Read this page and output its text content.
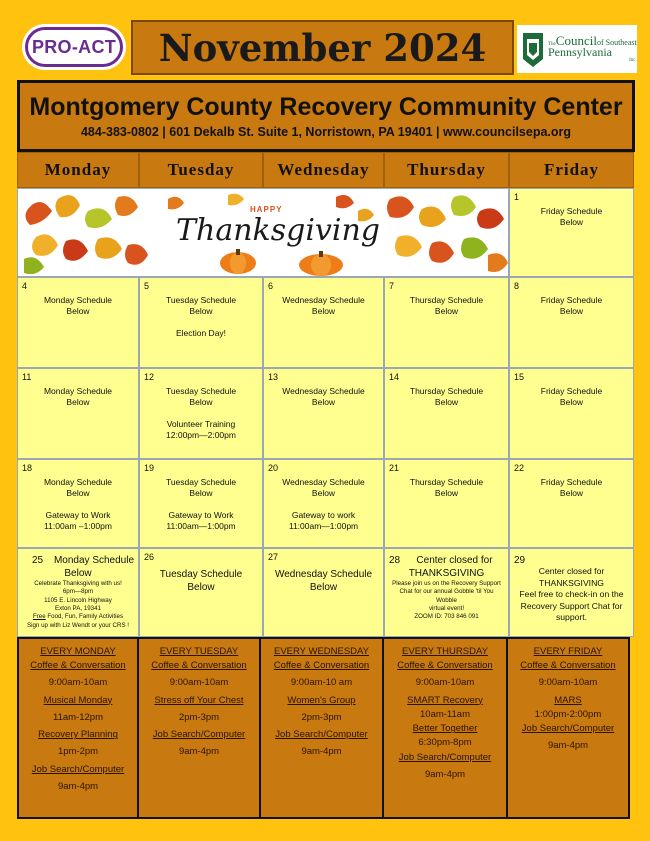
PRO-ACT November 2024	TheCouncilof Southeast
Pennsylvania
Inc.
Montgomery County Recovery Community Center
484-383-0802 | 601 Dekalb St. Suite 1, Norristown, PA 19401 | www.councilsepa.org
Monday	Tuesday	Wednesday	Thursday	Friday
HAPPY
Thanksgiving
1
Friday Schedule
Below
4
Monday Schedule
Below
5
Tuesday Schedule
Below
Election Day!
6
Wednesday Schedule
Below
7
Thursday Schedule
Below
8
Friday Schedule
Below
11
Monday Schedule
Below
12
Tuesday Schedule
Below
Volunteer Training
12:00pm—2:00pm
13
Wednesday Schedule
Below
14
Thursday Schedule
Below
15
Friday Schedule
Below
18
Monday Schedule
Below
Gateway to Work
11:00am –1:00pm
19
Tuesday Schedule
Below
Gateway to Work
11:00am—1:00pm
20
Wednesday Schedule
Below
Gateway to work
11:00am—1:00pm
21
Thursday Schedule
Below
22
Friday Schedule
Below
25 Monday Schedule
Below
Celebrate Thanksgiving with us!
6pm—8pm
1105 E. Lincoln Highway
Exton PA, 19341
Free Food, Fun, Family Activities
Sign up with Liz Wendt or your CRS !
26
Tuesday Schedule
Below
27
Wednesday Schedule
Below
28	Center closed for
THANKSGIVING
Please join us on the Recovery Support
Chat for our annual Gobble 'til You
Wobble
virtual event!
ZOOM ID: 703 846 091
29
Center closed for
THANKSGIVING
Feel free to check-in on the
Recovery Support Chat for
support.
EVERY MONDAY
Coffee & Conversation
9:00am-10am
Musical Monday
11am-12pm
Recovery Planning
1pm-2pm
Job Search/Computer
9am-4pm
EVERY TUESDAY
Coffee & Conversation
9:00am-10am
Stress off Your Chest
2pm-3pm
Job Search/Computer
9am-4pm
EVERY WEDNESDAY
Coffee & Conversation
9:00am-10 am
Women's Group
2pm-3pm
Job Search/Computer
9am-4pm
EVERY THURSDAY
Coffee & Conversation
9:00am-10am
SMART Recovery
10am-11am
Better Together
6:30pm-8pm
Job Search/Computer
9am-4pm
EVERY FRIDAY
Coffee & Conversation
9:00am-10am
MARS
1:00pm-2:00pm
Job Search/Computer
9am-4pm
